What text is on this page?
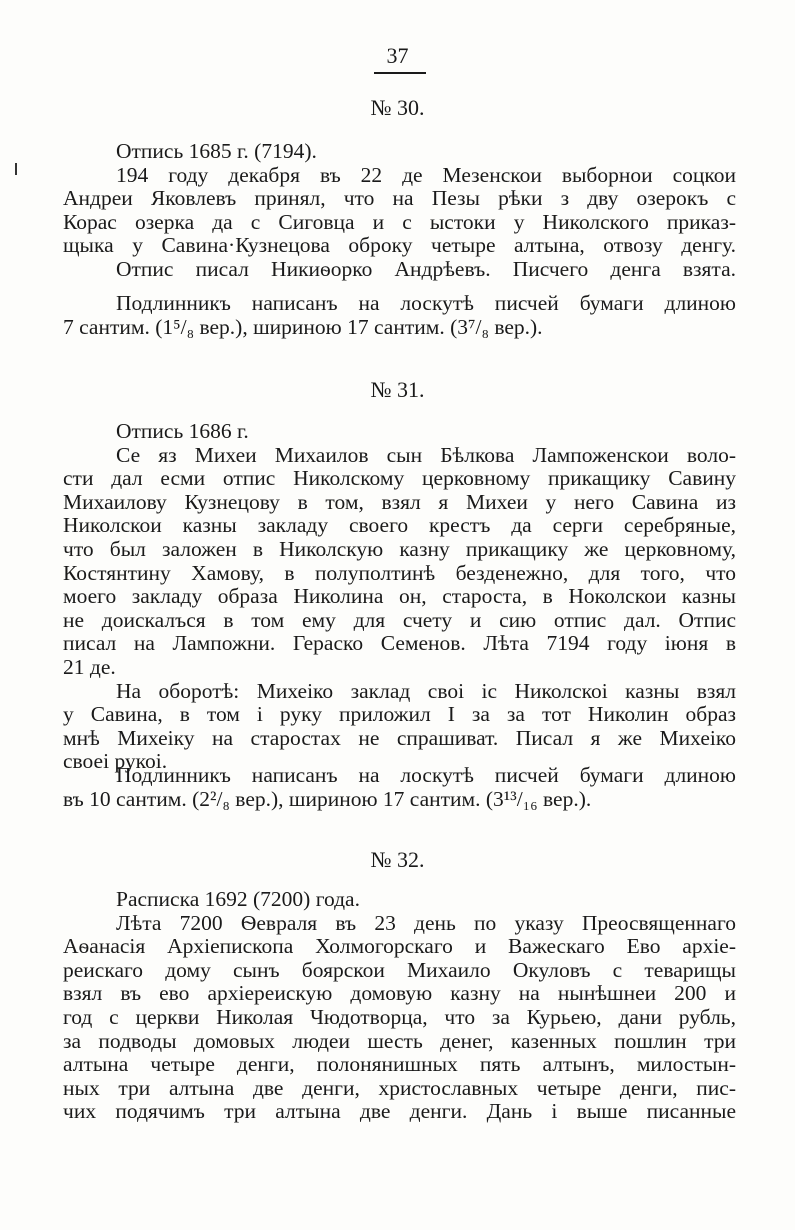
37
№ 30.
Отпись 1685 г. (7194).
194 году декабря въ 22 де Мезенскои выборнои соцкои
Андреи Яковлевъ принял, что на Пезы рѣки з дву озерокъ с
Корас озерка да с Сиговца и с ыстоки у Николского приказ-
щыка у Савина·Кузнецова оброку четыре алтына, отвозу денгу.
Отпис писал Никиѳорко Андрѣевъ. Писчего денга взята.
Подлинникъ написанъ на лоскутѣ писчей бумаги длиною
7 сантим. (1⁵/₈ вер.), шириною 17 сантим. (3⁷/₈ вер.).
№ 31.
Отпись 1686 г.
Се яз Михеи Михаилов сын Бѣлкова Лампоженскои воло-
сти дал есми отпис Николскому церковному прикащику Савину
Михаилову Кузнецову в том, взял я Михеи у него Савина из
Николскои казны закладу своего крестъ да серги серебряные,
что был заложен в Николскую казну прикащику же церковному,
Костянтину Хамову, в полуполтинѣ безденежно, для того, что
моего закладу образа Николина он, староста, в Ноколскои казны
не доискалъся в том ему для счету и сию отпис дал. Отпис
писал на Лампожни. Гераско Семенов. Лѣта 7194 году іюня в
21 де.
На оборотѣ: Михеіко заклад своі іс Николскоі казны взял
у Савина, в том і руку приложил І за за тот Николин образ
мнѣ Михеіку на старостах не спрашиват. Писал я же Михеіко
своеі рукоі.
Подлинникъ написанъ на лоскутѣ писчей бумаги длиною
въ 10 сантим. (2²/₈ вер.), шириною 17 сантим. (3¹³/₁₆ вер.).
№ 32.
Расписка 1692 (7200) года.
Лѣта 7200 Ѳевраля въ 23 день по указу Преосвященнаго
Аѳанасія Архіепископа Холмогорскаго и Важескаго Ево архіе-
реискаго дому сынъ боярскои Михаило Окуловъ с теварищы
взял въ ево архіереискую домовую казну на нынѣшнеи 200 и
год с церкви Николая Чюдотворца, что за Курьею, дани рубль,
за подводы домовых людеи шесть денег, казенных пошлин три
алтына четыре денги, полонянишных пять алтынъ, милостын-
ных три алтына две денги, христославных четыре денги, пис-
чих подячимъ три алтына две денги. Дань і выше писанные
